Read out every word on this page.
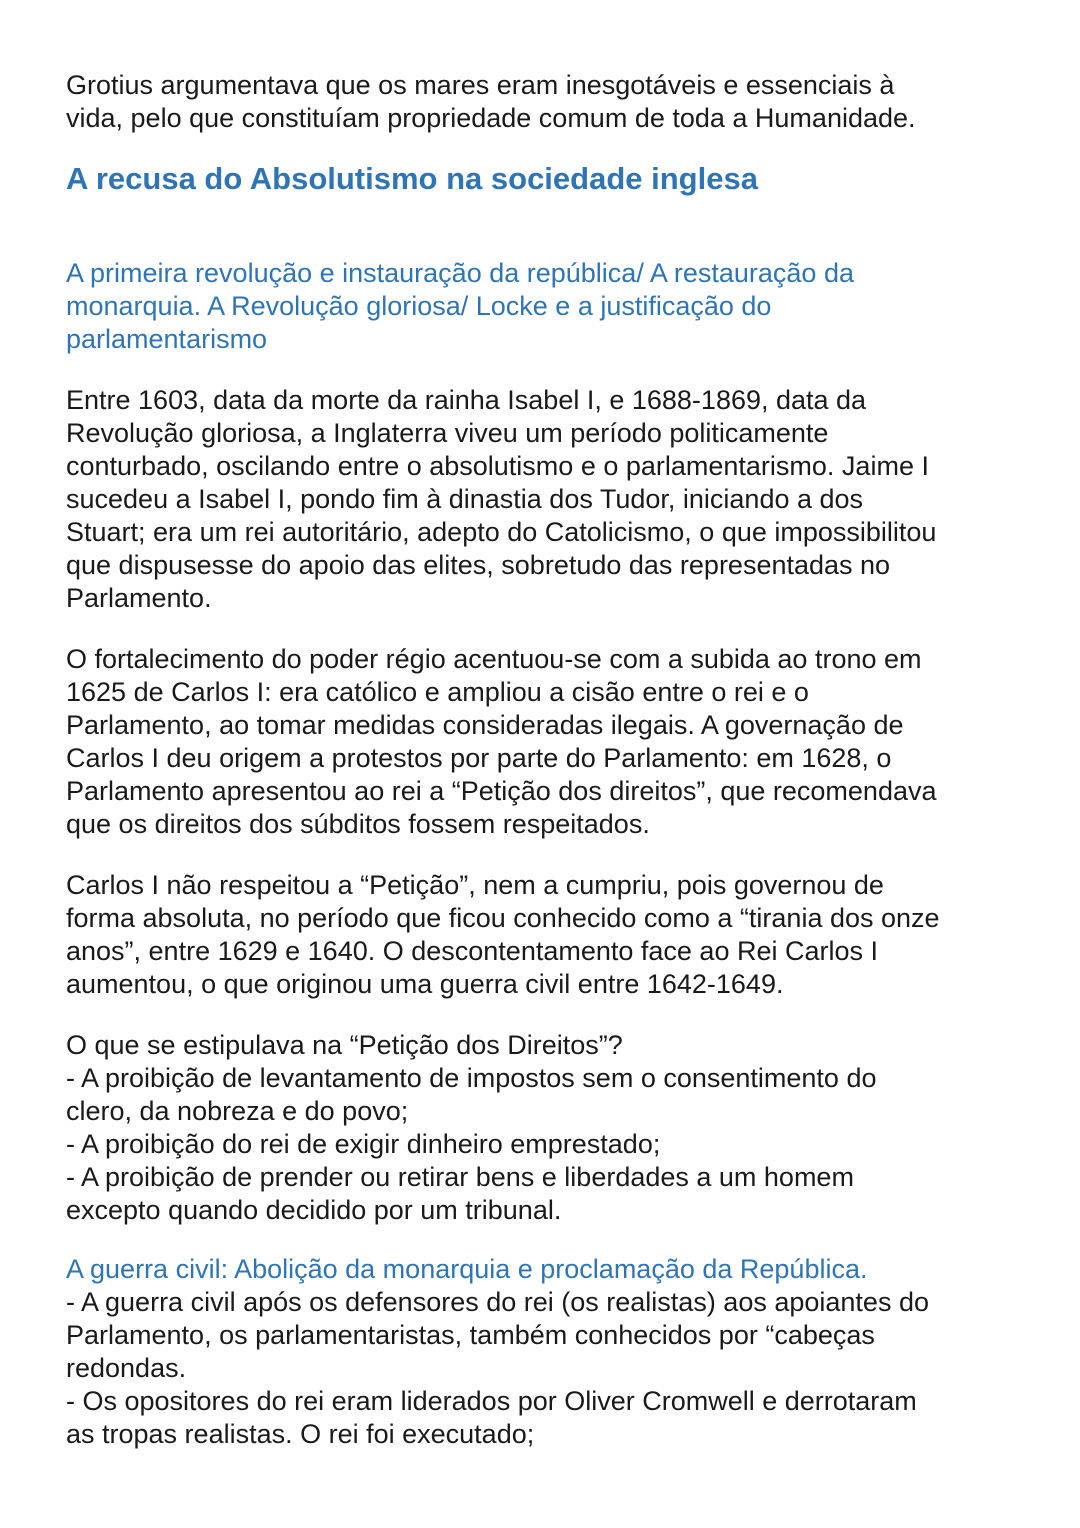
Grotius argumentava que os mares eram inesgotáveis e essenciais à
vida, pelo que constituíam propriedade comum de toda a Humanidade.
A recusa do Absolutismo na sociedade inglesa
A primeira revolução e instauração da república/ A restauração da
monarquia. A Revolução gloriosa/ Locke e a justificação do
parlamentarismo
Entre 1603, data da morte da rainha Isabel I, e 1688-1869, data da
Revolução gloriosa, a Inglaterra viveu um período politicamente
conturbado, oscilando entre o absolutismo e o parlamentarismo. Jaime I
sucedeu a Isabel I, pondo fim à dinastia dos Tudor, iniciando a dos
Stuart; era um rei autoritário, adepto do Catolicismo, o que impossibilitou
que dispusesse do apoio das elites, sobretudo das representadas no
Parlamento.
O fortalecimento do poder régio acentuou-se com a subida ao trono em
1625 de Carlos I: era católico e ampliou a cisão entre o rei e o
Parlamento, ao tomar medidas consideradas ilegais. A governação de
Carlos I deu origem a protestos por parte do Parlamento: em 1628, o
Parlamento apresentou ao rei a “Petição dos direitos”, que recomendava
que os direitos dos súbditos fossem respeitados.
Carlos I não respeitou a “Petição”, nem a cumpriu, pois governou de
forma absoluta, no período que ficou conhecido como a “tirania dos onze
anos”, entre 1629 e 1640. O descontentamento face ao Rei Carlos I
aumentou, o que originou uma guerra civil entre 1642-1649.
O que se estipulava na “Petição dos Direitos”?
- A proibição de levantamento de impostos sem o consentimento do
clero, da nobreza e do povo;
- A proibição do rei de exigir dinheiro emprestado;
- A proibição de prender ou retirar bens e liberdades a um homem
excepto quando decidido por um tribunal.
A guerra civil: Abolição da monarquia e proclamação da República.
- A guerra civil após os defensores do rei (os realistas) aos apoiantes do
Parlamento, os parlamentaristas, também conhecidos por “cabeças
redondas.
- Os opositores do rei eram liderados por Oliver Cromwell e derrotaram
as tropas realistas. O rei foi executado;
